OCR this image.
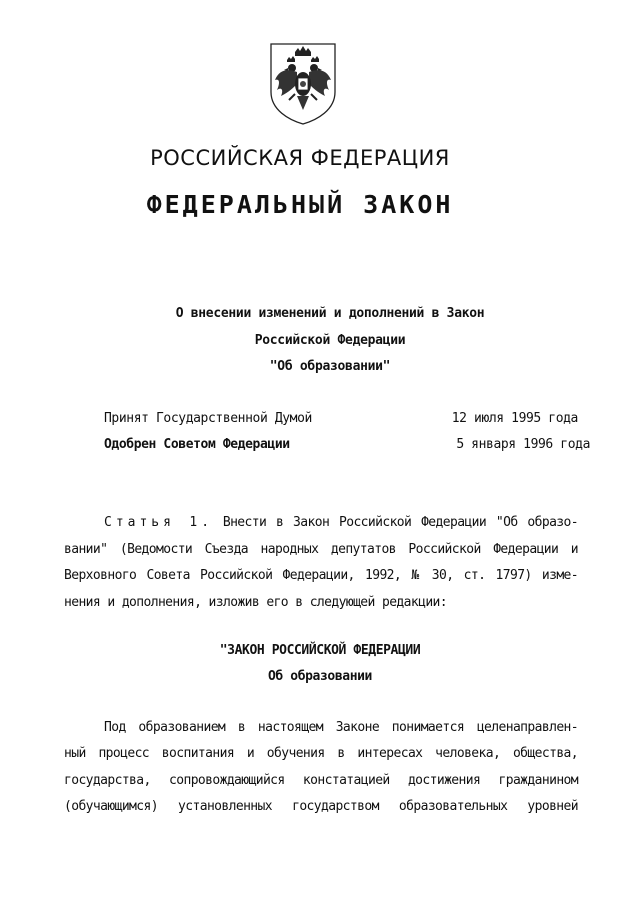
РОССИЙСКАЯ ФЕДЕРАЦИЯ
ФЕДЕРАЛЬНЫЙ ЗАКОН
О внесении изменений и дополнений в Закон
Российской Федерации
"Об образовании"
Принят Государственной Думой	12 июля 1995 года
Одобрен Советом Федерации	5 января 1996 года
Статья 1. Внести в Закон Российской Федерации "Об образо-
вании" (Ведомости Съезда народных депутатов Российской Федерации и
Верховного Совета Российской Федерации, 1992, № 30, ст. 1797) изме-
нения и дополнения, изложив его в следующей редакции:
"ЗАКОН РОССИЙСКОЙ ФЕДЕРАЦИИ
Об образовании
Под образованием в настоящем Законе понимается целенаправлен-
ный процесс воспитания и обучения в интересах человека, общества,
государства, сопровождающийся констатацией достижения гражданином
(обучающимся) установленных государством образовательных уровней
